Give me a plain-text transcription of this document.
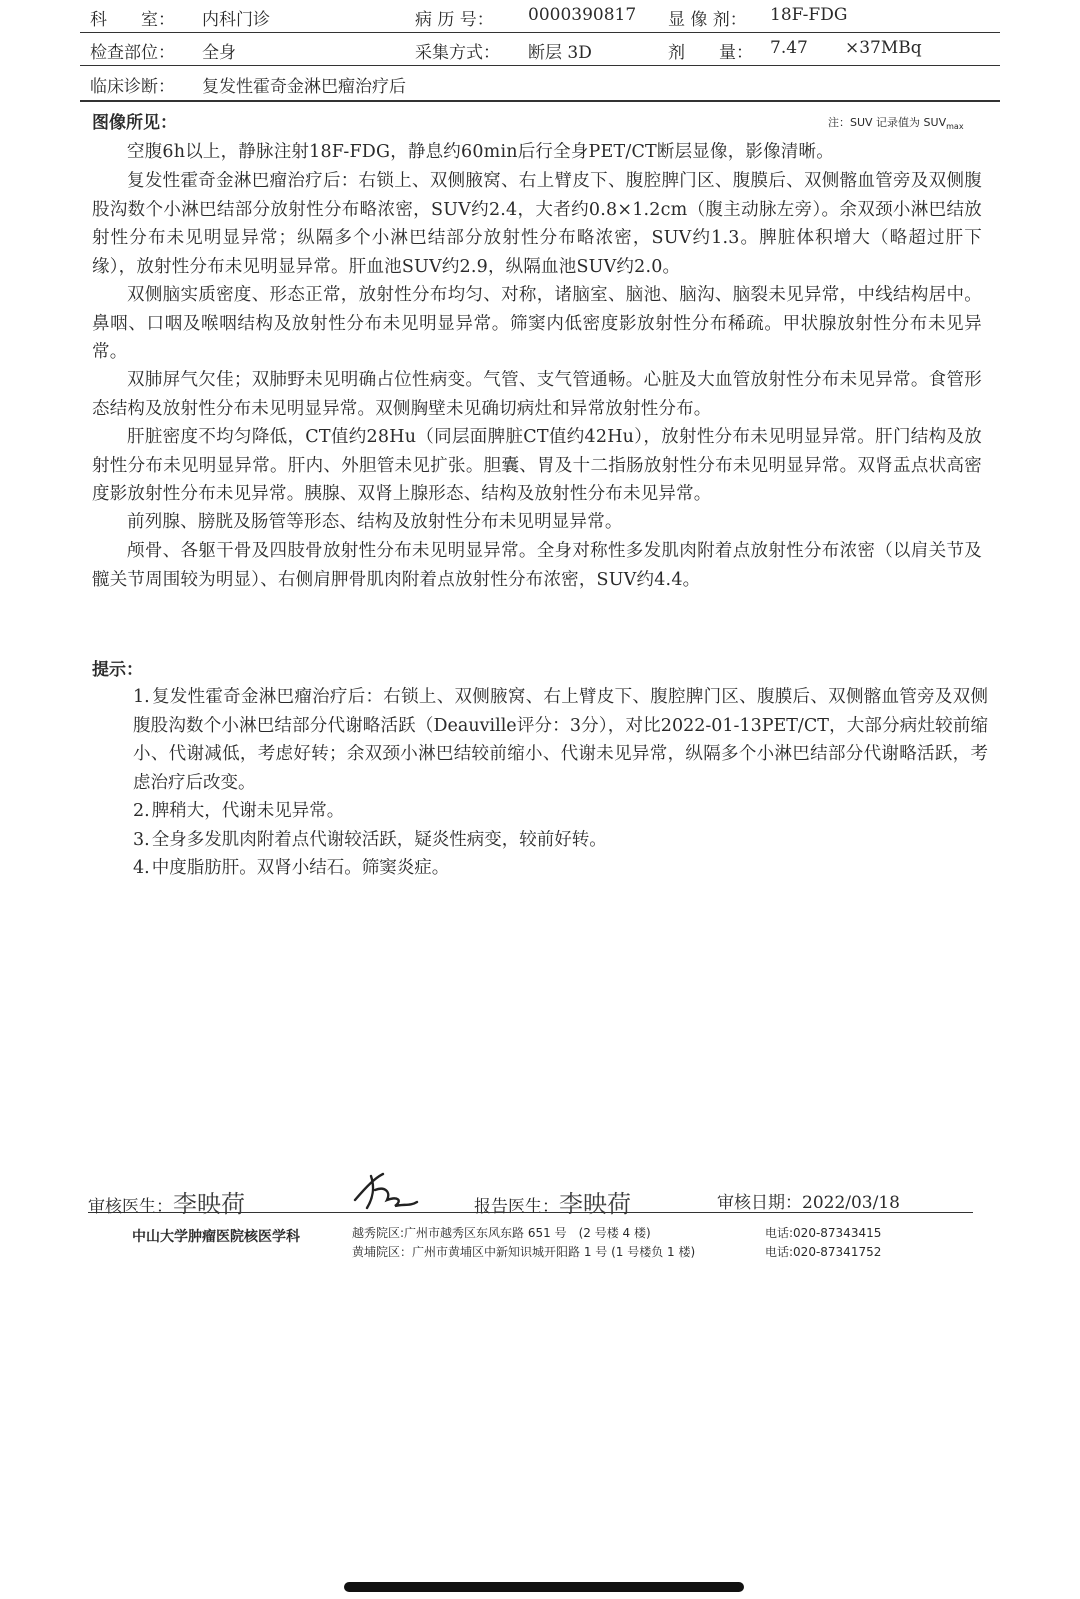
科　　室： 内科门诊	病 历 号： 0000390817 显 像 剂： 18F-FDG
检查部位： 全身	采集方式： 断层 3D	剂　　量： 7.47 ×37MBq
临床诊断： 复发性霍奇金淋巴瘤治疗后
图像所见：	注：SUV 记录值为 $SUV_{max}$

空腹6h以上，静脉注射18F-FDG，静息约60min后行全身PET/CT断层显像，影像清晰。

复发性霍奇金淋巴瘤治疗后：右锁上、双侧腋窝、右上臂皮下、腹腔脾门区、腹膜后、双侧髂血管旁及双侧腹股沟数个小淋巴结部分放射性分布略浓密，SUV约2.4，大者约0.8×1.2cm（腹主动脉左旁）。余双颈小淋巴结放射性分布未见明显异常；纵隔多个小淋巴结部分放射性分布略浓密，SUV约1.3。脾脏体积增大（略超过肝下缘），放射性分布未见明显异常。肝血池SUV约2.9，纵隔血池SUV约2.0。

双侧脑实质密度、形态正常，放射性分布均匀、对称，诸脑室、脑池、脑沟、脑裂未见异常，中线结构居中。鼻咽、口咽及喉咽结构及放射性分布未见明显异常。筛窦内低密度影放射性分布稀疏。甲状腺放射性分布未见异常。

双肺屏气欠佳；双肺野未见明确占位性病变。气管、支气管通畅。心脏及大血管放射性分布未见异常。食管形态结构及放射性分布未见明显异常。双侧胸壁未见确切病灶和异常放射性分布。

肝脏密度不均匀降低，CT值约28Hu（同层面脾脏CT值约42Hu），放射性分布未见明显异常。肝门结构及放射性分布未见明显异常。肝内、外胆管未见扩张。胆囊、胃及十二指肠放射性分布未见明显异常。双肾盂点状高密度影放射性分布未见异常。胰腺、双肾上腺形态、结构及放射性分布未见异常。

前列腺、膀胱及肠管等形态、结构及放射性分布未见明显异常。

颅骨、各躯干骨及四肢骨放射性分布未见明显异常。全身对称性多发肌肉附着点放射性分布浓密（以肩关节及髋关节周围较为明显）、右侧肩胛骨肌肉附着点放射性分布浓密，SUV约4.4。

提示：

1. 复发性霍奇金淋巴瘤治疗后：右锁上、双侧腋窝、右上臂皮下、腹腔脾门区、腹膜后、双侧髂血管旁及双侧腹股沟数个小淋巴结部分代谢略活跃（Deauville评分：3分），对比2022-01-13PET/CT，大部分病灶较前缩小、代谢减低，考虑好转；余双颈小淋巴结较前缩小、代谢未见异常，纵隔多个小淋巴结部分代谢略活跃，考虑治疗后改变。

2. 脾稍大，代谢未见异常。

3. 全身多发肌肉附着点代谢较活跃，疑炎性病变，较前好转。

4. 中度脂肪肝。双肾小结石。筛窦炎症。

审核医生：李映荷	报告医生：李映荷	审核日期：2022/03/18
中山大学肿瘤医院核医学科	越秀院区:广州市越秀区东风东路 651 号　(2 号楼 4 楼)	电话:020-87343415
黄埔院区：广州市黄埔区中新知识城开阳路 1 号 (1 号楼负 1 楼)	电话:020-87341752
